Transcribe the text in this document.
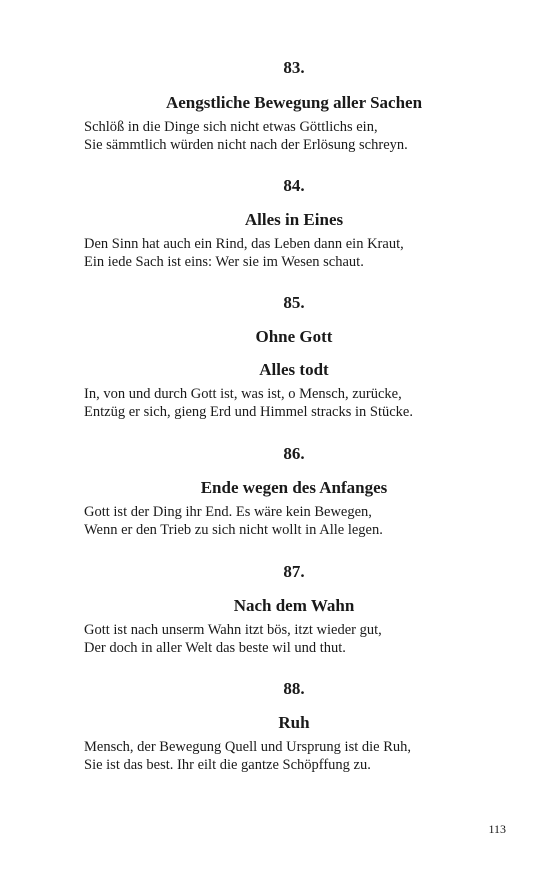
83.
Aengstliche Bewegung aller Sachen
Schlöß in die Dinge sich nicht etwas Göttlichs ein,
Sie sämmtlich würden nicht nach der Erlösung schreyn.
84.
Alles in Eines
Den Sinn hat auch ein Rind, das Leben dann ein Kraut,
Ein iede Sach ist eins: Wer sie im Wesen schaut.
85.
Ohne Gott
Alles todt
In, von und durch Gott ist, was ist, o Mensch, zurücke,
Entzüg er sich, gieng Erd und Himmel stracks in Stücke.
86.
Ende wegen des Anfanges
Gott ist der Ding ihr End. Es wäre kein Bewegen,
Wenn er den Trieb zu sich nicht wollt in Alle legen.
87.
Nach dem Wahn
Gott ist nach unserm Wahn itzt bös, itzt wieder gut,
Der doch in aller Welt das beste wil und thut.
88.
Ruh
Mensch, der Bewegung Quell und Ursprung ist die Ruh,
Sie ist das best. Ihr eilt die gantze Schöpffung zu.
113
